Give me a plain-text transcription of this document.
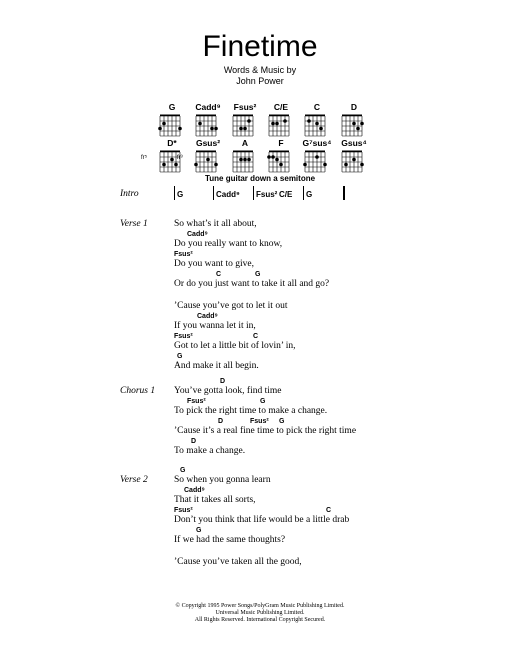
Finetime
Words & Music by
John Power
G	Cadd⁹	Fsus²	C/E	C	D
D*
fr⁵
Gsus²
fr³
A	F	G⁷sus⁴	Gsus⁴
Tune guitar down a semitone
Intro	G	Cadd⁹ Fsus² C/E G
Verse 1	So what’s it all about,
Cadd⁹
Do you really want to know,
Fsus²
Do you want to give,
C	G
Or do you just want to take it all and go?
’Cause you’ve got to let it out
Cadd⁹
If you wanna let it in,
Fsus²	C
Got to let a little bit of lovin’ in,
G
And make it all begin.
Chorus 1
D
You’ve gotta look, find time
Fsus²	G
To pick the right time to make a change.
D	Fsus² G
’Cause it’s a real fine time to pick the right time
D
To make a change.
Verse 2
G
So when you gonna learn
Cadd⁹
That it takes all sorts,
Fsus²	C
Don’t you think that life would be a little drab
G
If we had the same thoughts?
’Cause you’ve taken all the good,
© Copyright 1995 Power Songs/PolyGram Music Publishing Limited.
Universal Music Publishing Limited.
All Rights Reserved. International Copyright Secured.
